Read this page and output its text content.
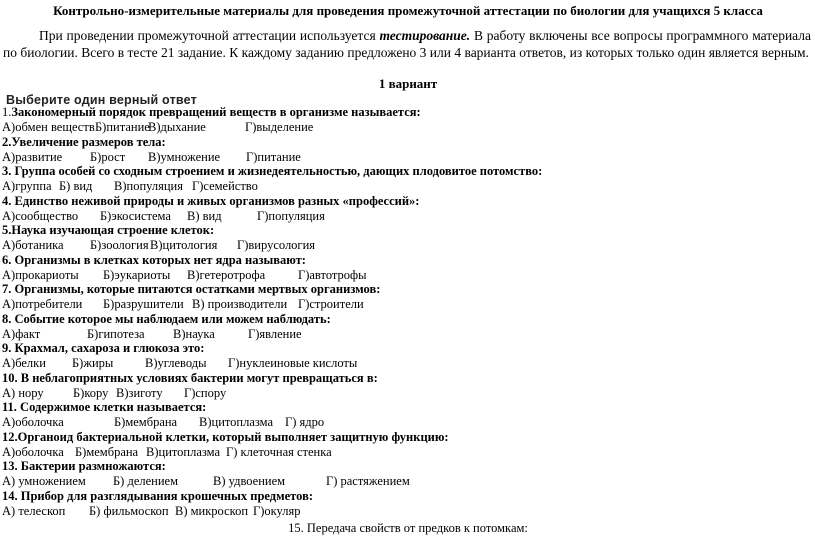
Контрольно-измерительные материалы для проведения промежуточной аттестации по биологии для учащихся 5 класса
При проведении промежуточной аттестации используется тестирование. В работу включены все вопросы программного материала по биологии. Всего в тесте 21 задание. К каждому заданию предложено 3 или 4 варианта ответов, из которых только один является верным.
1 вариант
Выберите один верный ответ
1.Закономерный порядок превращений веществ в организме называется:
А)обмен веществ Б)питание
В)дыхание	Г)выделение
2.Увеличение размеров тела:
А)развитие	Б)рост	В)умножение	Г)питание
3. Группа особей со сходным строением и жизнедеятельностью, дающих плодовитое потомство:
А)группа Б) вид	В)популяция Г)семейство
4. Единство неживой природы и живых организмов разных «профессий»:
А)сообщество	Б)экосистема	В) вид	Г)популяция
5.Наука изучающая строение клеток:
А)ботаника	Б)зоология В)цитология	Г)вирусология
6. Организмы в клетках которых нет ядра называют:
А)прокариоты	Б)эукариоты	В)гетеротрофа	Г)автотрофы
7. Организмы, которые питаются остатками мертвых организмов:
А)потребители	Б)разрушители В) производители Г)строители
8. Событие которое мы наблюдаем или можем наблюдать:
А)факт	Б)гипотеза	В)наука	Г)явление
9. Крахмал, сахароза и глюкоза это:
А)белки	Б)жиры	В)углеводы	Г)нуклеиновые кислоты
10. В неблагоприятных условиях бактерии могут превращаться в:
А) нору	Б)кору В)зиготу	Г)спору
11. Содержимое клетки называется:
А)оболочка	Б)мембрана	В)цитоплазма Г) ядро
12.Органоид бактериальной клетки, который выполняет защитную функцию:
А)оболочка Б)мембрана В)цитоплазма Г) клеточная стенка
13. Бактерии размножаются:
А) умножением	Б) делением	В) удвоением	Г) растяжением
14. Прибор для разглядывания крошечных предметов:
А) телескоп	Б) фильмоскоп В) микроскоп Г)окуляр
15. Передача свойств от предков к потомкам:
